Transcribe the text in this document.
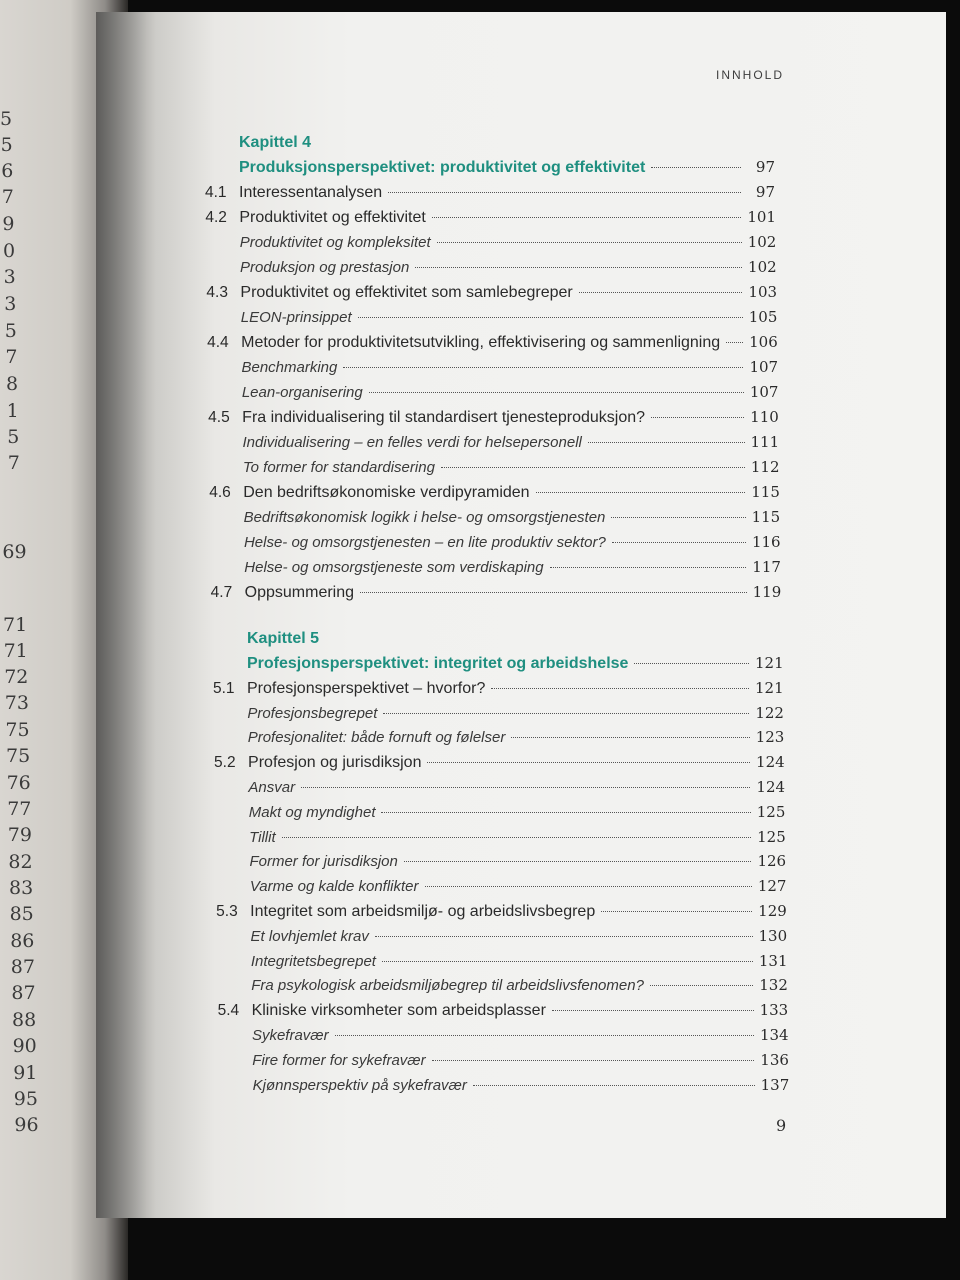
5
5
6
7
9
0
3
3
5
7
8
1
5
7
69
71
71
72
73
75
75
76
77
79
82
83
85
86
87
87
88
90
91
95
96
INNHOLD
Kapittel 4
Produksjonsperspektivet: produktivitet og effektivitet	97
4.1 Interessentanalysen	97
4.2 Produktivitet og effektivitet	101
Produktivitet og kompleksitet	102
Produksjon og prestasjon	102
4.3 Produktivitet og effektivitet som samlebegreper	103
LEON-prinsippet	105
4.4 Metoder for produktivitetsutvikling, effektivisering og sammenligning 106
Benchmarking	107
Lean-organisering	107
4.5 Fra individualisering til standardisert tjenesteproduksjon?	110
Individualisering – en felles verdi for helsepersonell	111
To former for standardisering	112
4.6 Den bedriftsøkonomiske verdipyramiden	115
Bedriftsøkonomisk logikk i helse- og omsorgstjenesten	115
Helse- og omsorgstjenesten – en lite produktiv sektor?	116
Helse- og omsorgstjeneste som verdiskaping	117
4.7 Oppsummering	119
Kapittel 5
Profesjonsperspektivet: integritet og arbeidshelse	121
5.1 Profesjonsperspektivet – hvorfor?	121
Profesjonsbegrepet	122
Profesjonalitet: både fornuft og følelser	123
5.2 Profesjon og jurisdiksjon	124
Ansvar	124
Makt og myndighet	125
Tillit	125
Former for jurisdiksjon	126
Varme og kalde konflikter	127
5.3 Integritet som arbeidsmiljø- og arbeidslivsbegrep	129
Et lovhjemlet krav	130
Integritetsbegrepet	131
Fra psykologisk arbeidsmiljøbegrep til arbeidslivsfenomen?	132
5.4 Kliniske virksomheter som arbeidsplasser	133
Sykefravær	134
Fire former for sykefravær	136
Kjønnsperspektiv på sykefravær	137
9
